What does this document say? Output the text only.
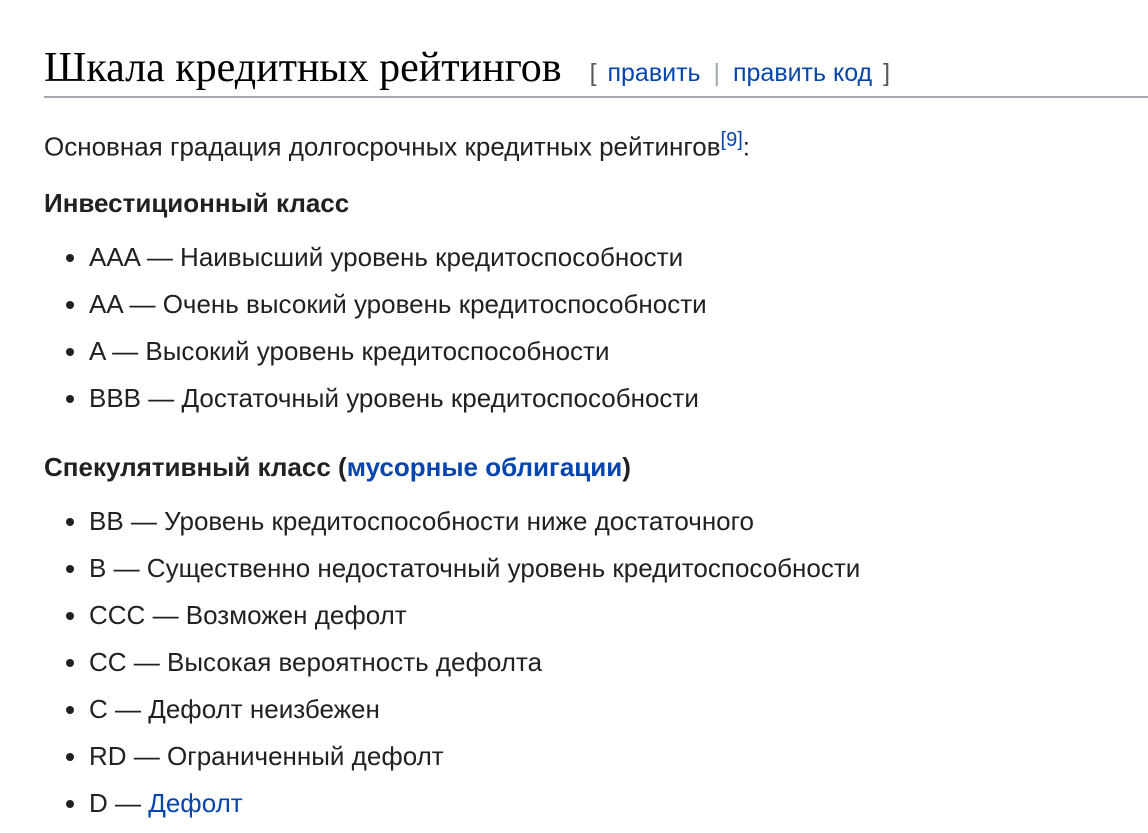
Шкала кредитных рейтингов [ править | править код ]
Основная градация долгосрочных кредитных рейтингов[9]:
Инвестиционный класс
AAA — Наивысший уровень кредитоспособности
AA — Очень высокий уровень кредитоспособности
A — Высокий уровень кредитоспособности
BBB — Достаточный уровень кредитоспособности
Спекулятивный класс (мусорные облигации)
BB — Уровень кредитоспособности ниже достаточного
B — Существенно недостаточный уровень кредитоспособности
CCC — Возможен дефолт
CC — Высокая вероятность дефолта
C — Дефолт неизбежен
RD — Ограниченный дефолт
D — Дефолт
